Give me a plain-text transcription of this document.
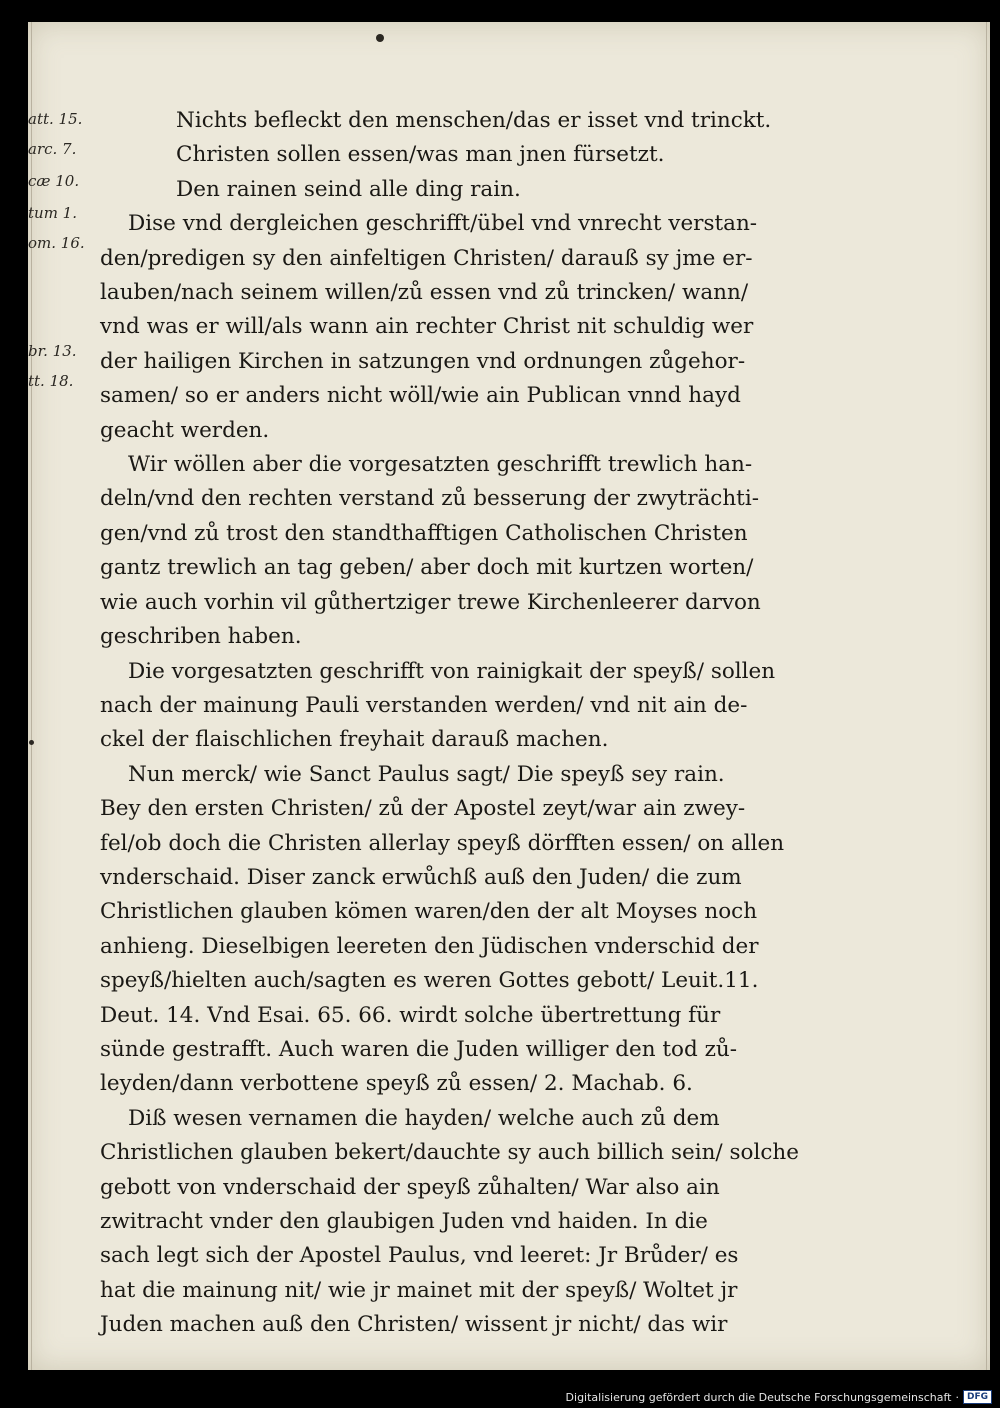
att. 15.
arc. 7.
cæ 10.
tum 1.
om. 16.
br. 13.
tt. 18.
Nichts befleckt den menschen/das er isset vnd trinckt.
Christen sollen essen/was man jnen fürsetzt.
Den rainen seind alle ding rain.
Dise vnd dergleichen geschrifft/übel vnd vnrecht verstan-
den/predigen sy den ainfeltigen Christen/ darauß sy jme er-
lauben/nach seinem willen/zů essen vnd zů trincken/ wann/
vnd was er will/als wann ain rechter Christ nit schuldig wer
der hailigen Kirchen in satzungen vnd ordnungen zůgehor-
samen/ so er anders nicht wöll/wie ain Publican vnnd hayd
geacht werden.
Wir wöllen aber die vorgesatzten geschrifft trewlich han-
deln/vnd den rechten verstand zů besserung der zwyträchti-
gen/vnd zů trost den standthafftigen Catholischen Christen
gantz trewlich an tag geben/ aber doch mit kurtzen worten/
wie auch vorhin vil gůthertziger trewe Kirchenleerer darvon
geschriben haben.
Die vorgesatzten geschrifft von rainigkait der speyß/ sollen
nach der mainung Pauli verstanden werden/ vnd nit ain de-
ckel der flaischlichen freyhait darauß machen.
Nun merck/ wie Sanct Paulus sagt/ Die speyß sey rain.
Bey den ersten Christen/ zů der Apostel zeyt/war ain zwey-
fel/ob doch die Christen allerlay speyß dörfften essen/ on allen
vnderschaid. Diser zanck erwůchß auß den Juden/ die zum
Christlichen glauben kömen waren/den der alt Moyses noch
anhieng. Dieselbigen leereten den Jüdischen vnderschid der
speyß/hielten auch/sagten es weren Gottes gebott/ Leuit.11.
Deut. 14. Vnd Esai. 65. 66. wirdt solche übertrettung für
sünde gestrafft. Auch waren die Juden williger den tod zů-
leyden/dann verbottene speyß zů essen/ 2. Machab. 6.
Diß wesen vernamen die hayden/ welche auch zů dem
Christlichen glauben bekert/dauchte sy auch billich sein/ solche
gebott von vnderschaid der speyß zůhalten/ War also ain
zwitracht vnder den glaubigen Juden vnd haiden. In die
sach legt sich der Apostel Paulus, vnd leeret: Jr Brůder/ es
hat die mainung nit/ wie jr mainet mit der speyß/ Woltet jr
Juden machen auß den Christen/ wissent jr nicht/ das wir
Digitalisierung gefördert durch die Deutsche Forschungsgemeinschaft · DFG
